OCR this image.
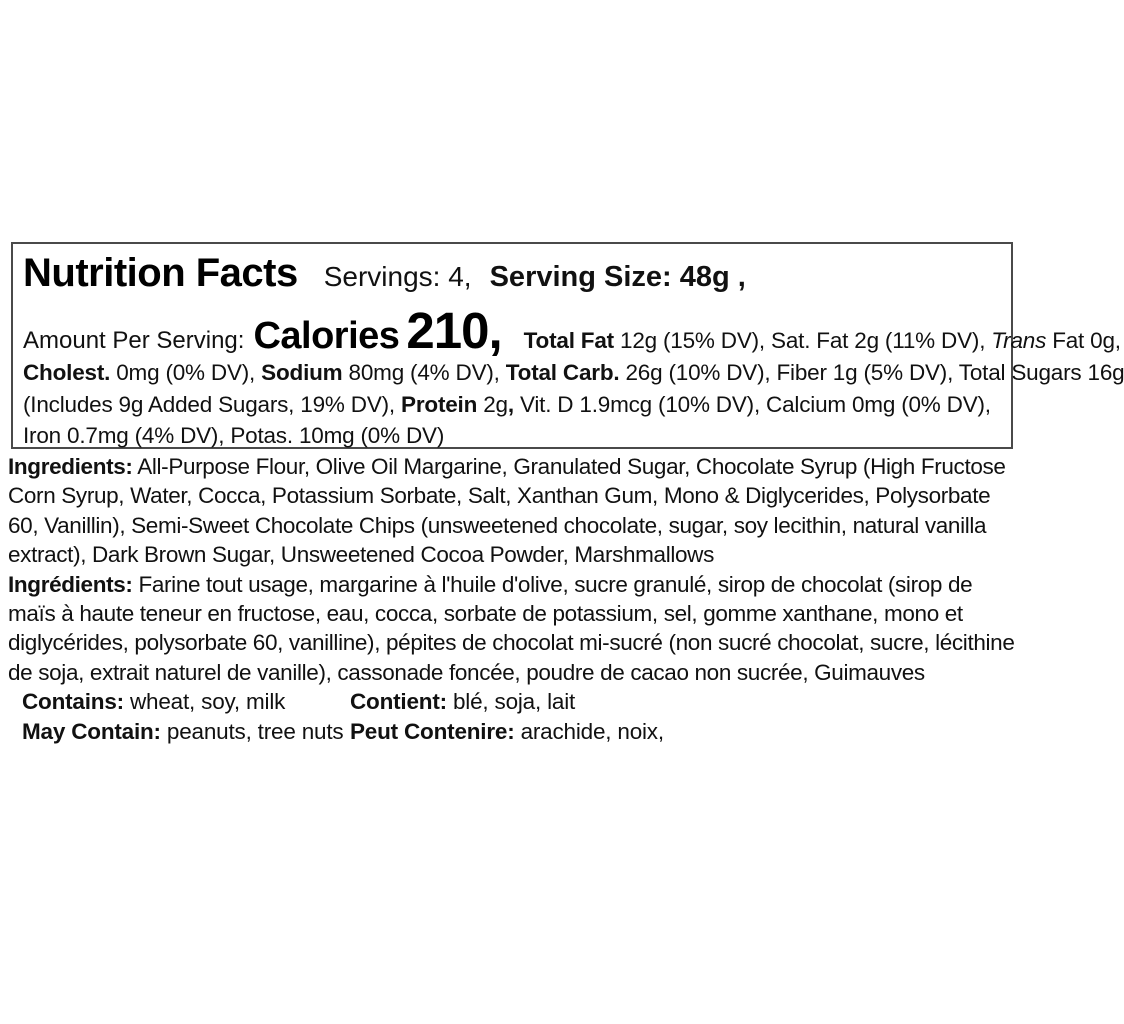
Nutrition Facts Servings: 4, Serving Size: 48g ,
Amount Per Serving: Calories 210, Total Fat 12g (15% DV), Sat. Fat 2g (11% DV), Trans Fat 0g,
Cholest. 0mg (0% DV), Sodium 80mg (4% DV), Total Carb. 26g (10% DV), Fiber 1g (5% DV), Total Sugars 16g
(Includes 9g Added Sugars, 19% DV), Protein 2g, Vit. D 1.9mcg (10% DV), Calcium 0mg (0% DV),
Iron 0.7mg (4% DV), Potas. 10mg (0% DV)
Ingredients: All-Purpose Flour, Olive Oil Margarine, Granulated Sugar, Chocolate Syrup (High Fructose Corn Syrup, Water, Cocca, Potassium Sorbate, Salt, Xanthan Gum, Mono & Diglycerides, Polysorbate 60, Vanillin), Semi-Sweet Chocolate Chips (unsweetened chocolate, sugar, soy lecithin, natural vanilla extract), Dark Brown Sugar, Unsweetened Cocoa Powder, Marshmallows
Ingrédients: Farine tout usage, margarine à l'huile d'olive, sucre granulé, sirop de chocolat (sirop de maïs à haute teneur en fructose, eau, cocca, sorbate de potassium, sel, gomme xanthane, mono et diglycérides, polysorbate 60, vanilline), pépites de chocolat mi-sucré (non sucré chocolat, sucre, lécithine de soja, extrait naturel de vanille), cassonade foncée, poudre de cacao non sucrée, Guimauves
Contains: wheat, soy, milk	Contient: blé, soja, lait
May Contain: peanuts, tree nuts Peut Contenire: arachide, noix,
